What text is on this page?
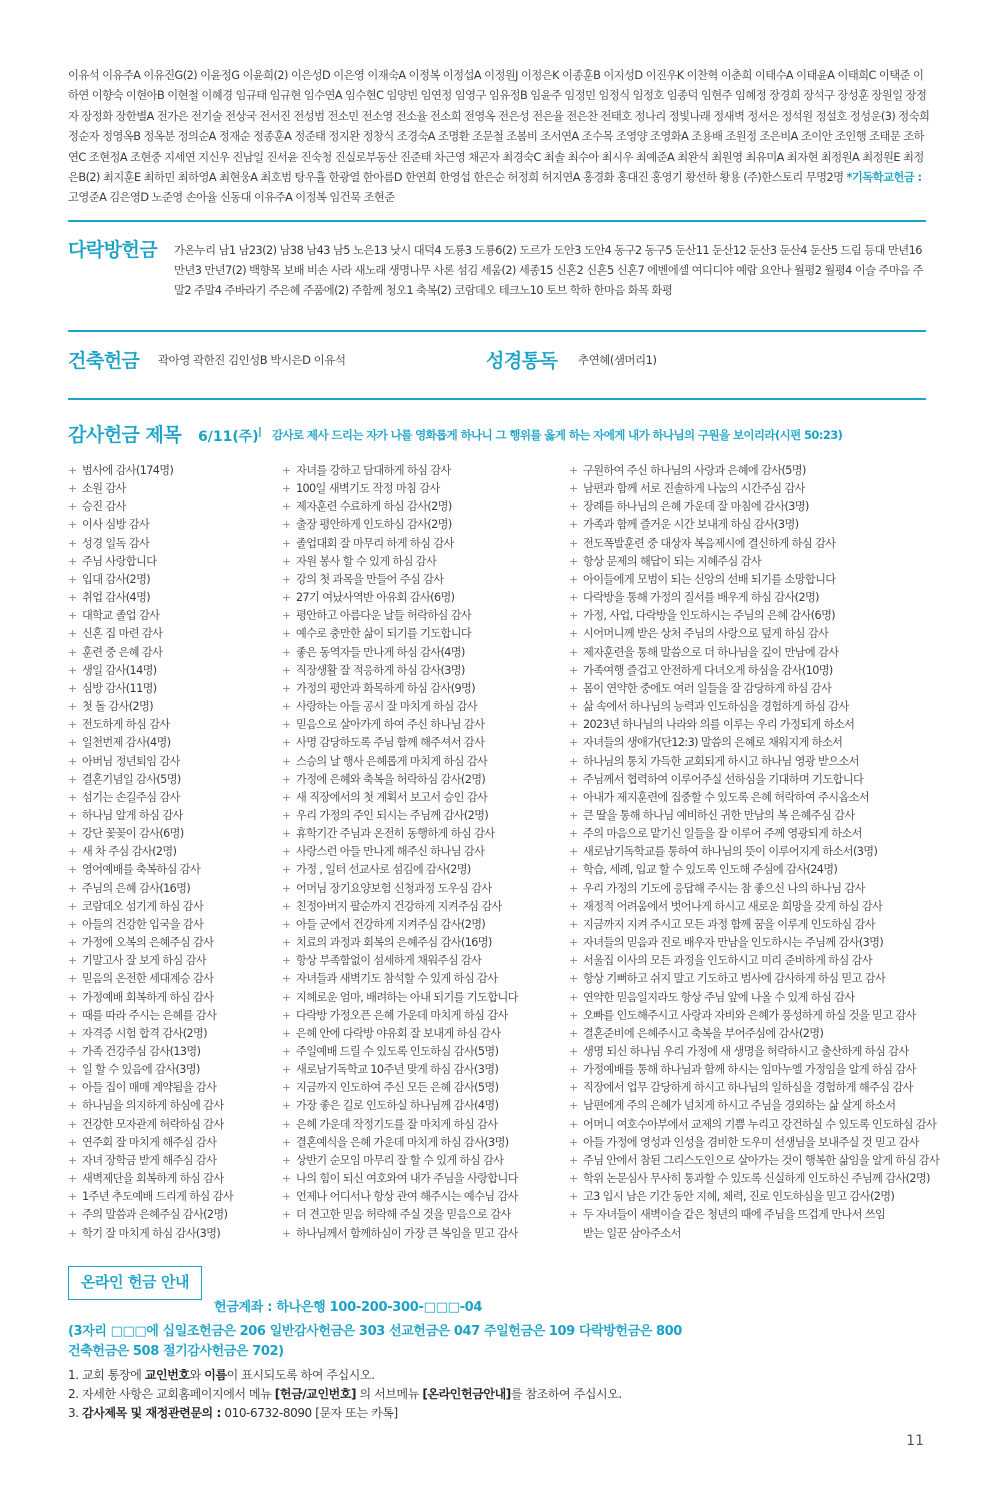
이유석 이유주A 이유진G(2) 이윤정G 이윤희(2) 이은성D 이은영 이재숙A 이정복 이정섭A 이정원J 이정은K 이종훈B 이지성D 이진우K 이찬혁 이춘희 이태수A 이태윤A 이태희C 이택준 이하연 이향숙 이현아B 이현철 이혜경 임규태 임규현 임수연A 임수현C 임양빈 임연정 임영구 임유정B 임윤주 임정민 임정식 임정호 임종덕 임현주 임혜정 장경희 장석구 장성훈 장원일 장정자 장정화 장한별A 전가은 전기술 전상국 전서진 전성범 전소민 전소영 전소율 전소희 전영옥 전은성 전은율 전은찬 전태호 정나리 정빛나래 정새벽 정서은 정석원 정설호 정성운(3) 정숙희 정순자 정영옥B 정옥분 정의순A 정재순 정종훈A 정준태 정지완 정창식 조경숙A 조명환 조문철 조봄비 조서연A 조수목 조영양 조영화A 조용배 조원정 조은비A 조이안 조인행 조태문 조하연C 조현정A 조현중 지세연 지신우 진남일 진서윤 진숙청 진실로부동산 진준태 차근영 채곤자 최경숙C 최솔 최수아 최시우 최예준A 최완식 최원영 최유미A 최자현 최정원A 최정원E 최정은B(2) 최지훈E 최하민 최하영A 최현웅A 최호범 탕우휼 한광열 한아름D 한연희 한영섭 한은순 허정희 허지연A 홍경화 홍대진 홍영기 황선하 황용 (주)한스토리 무명2명 *기독학교헌금 : 고영준A 김은영D 노준영 손아율 신동대 이유주A 이정복 임건묵 조현준
다락방헌금 가온누리 남1 남23(2) 남38 남43 남5 노은13 낫시 대덕4 도룡3 도룡6(2) 도르가 도안3 도안4 동구2 동구5 둔산11 둔산12 둔산3 둔산4 둔산5 드림 등대 만년16 만년3 만년7(2) 백향목 보배 비손 사라 새노래 생명나무 사론 섬김 세움(2) 세종15 신혼2 신혼5 신혼7 에벤에셀 여디디야 예람 요안나 월평2 월평4 이슬 주마음 주말2 주말4 주바라기 주은혜 주품에(2) 주함께 청오1 축복(2) 코람데오 테크노10 토브 학하 한마음 화목 화평
건축헌금 곽아영 곽한진 김인성B 박시은D 이유석	성경통독 추연혜(샘머리1)
감사헌금 제목 6/11(주) I 감사로 제사 드리는 자가 나를 영화롭게 하나니 그 행위를 옳게 하는 자에게 내가 하나님의 구원을 보이리라(시편 50:23)
+ 범사에 감사(174명)
+ 소원 감사
+ 승진 감사
+ 이사 심방 감사
+ 성경 일독 감사
+ 주님 사랑합니다
+ 입대 감사(2명)
+ 취업 감사(4명)
+ 대학교 졸업 감사
+ 신혼 집 마련 감사
+ 훈련 중 은혜 감사
+ 생일 감사(14명)
+ 심방 감사(11명)
+ 첫 돌 감사(2명)
+ 전도하게 하심 감사
+ 일천번제 감사(4명)
+ 아버님 정년퇴임 감사
+ 결혼기념일 감사(5명)
+ 섬기는 손길주심 감사
+ 하나님 알게 하심 감사
+ 강단 꽃꽂이 감사(6명)
+ 새 차 주심 감사(2명)
+ 영어예배를 축복하심 감사
+ 주님의 은혜 감사(16명)
+ 코람데오 섬기게 하심 감사
+ 아들의 건강한 입국을 감사
+ 가정에 오복의 은혜주심 감사
+ 기말고사 잘 보게 하심 감사
+ 믿음의 온전한 세대계승 감사
+ 가정예배 회복하게 하심 감사
+ 때를 따라 주시는 은혜를 감사
+ 자격증 시험 합격 감사(2명)
+ 가족 건강주심 감사(13명)
+ 일 할 수 있음에 감사(3명)
+ 아들 집이 매매 계약됨을 감사
+ 하나님을 의지하게 하심에 감사
+ 건강한 모자관계 허락하심 감사
+ 연주회 잘 마치게 해주심 감사
+ 자녀 장학금 받게 해주심 감사
+ 새벽제단을 회복하게 하심 감사
+ 1주년 추도예배 드리게 하심 감사
+ 주의 말씀과 은혜주심 감사(2명)
+ 학기 잘 마치게 하심 감사(3명)
+ 자녀를 강하고 담대하게 하심 감사
+ 100일 새벽기도 작정 마침 감사
+ 제자훈련 수료하게 하심 감사(2명)
+ 출장 평안하게 인도하심 감사(2명)
+ 졸업대회 잘 마무리 하게 하심 감사
+ 자원 봉사 할 수 있게 하심 감사
+ 강의 첫 과목을 만들어 주심 감사
+ 27기 여났사역반 아유회 감사(6명)
+ 평안하고 아름다운 날들 허락하심 감사
+ 예수로 충만한 삶이 되기를 기도합니다
+ 좋은 동역자들 만나게 하심 감사(4명)
+ 직장생활 잘 적응하게 하심 감사(3명)
+ 가정의 평안과 화목하게 하심 감사(9명)
+ 사랑하는 아들 공시 잘 마치게 하심 감사
+ 믿음으로 살아가게 하여 주신 하나님 감사
+ 사명 감당하도록 주님 함께 해주셔서 감사
+ 스승의 날 행사 은혜롭게 마치게 하심 감사
+ 가정에 은혜와 축복을 허락하심 감사(2명)
+ 새 직장에서의 첫 계획서 보고서 승인 감사
+ 우리 가정의 주인 되시는 주님께 감사(2명)
+ 휴학기간 주님과 온전히 동행하게 하심 감사
+ 사랑스런 아들 만나게 해주신 하나님 감사
+ 가정 , 일터 선교사로 섬김에 감사(2명)
+ 어머님 장기요양보험 신청과정 도우심 감사
+ 친정아버지 팔순까지 건강하게 지켜주심 감사
+ 아들 군에서 건강하게 지켜주심 감사(2명)
+ 치료의 과정과 회복의 은혜주심 감사(16명)
+ 항상 부족함없이 섬세하게 채워주심 감사
+ 자녀들과 새벽기도 참석할 수 있게 하심 감사
+ 지혜로운 엄마, 배려하는 아내 되기를 기도합니다
+ 다락방 가정오픈 은혜 가운데 마치게 하심 감사
+ 은혜 안에 다락방 야유회 잘 보내게 하심 감사
+ 주일예배 드릴 수 있도록 인도하심 감사(5명)
+ 새로남기독학교 10주년 맞게 하심 감사(3명)
+ 지금까지 인도하여 주신 모든 은혜 감사(5명)
+ 가장 좋은 길로 인도하실 하나님께 감사(4명)
+ 은혜 가운데 작정기도를 잘 마치게 하심 감사
+ 결혼예식을 은혜 가운데 마치게 하심 감사(3명)
+ 상반기 순모임 마무리 잘 할 수 있게 하심 감사
+ 나의 힘이 되신 여호와여 내가 주님을 사랑합니다
+ 언제나 어디서나 항상 관여 해주시는 예수님 감사
+ 더 견고한 믿음 허락해 주실 것을 믿음으로 감사
+ 하나님께서 함께하심이 가장 큰 복임을 믿고 감사
+ 구원하여 주신 하나님의 사랑과 은혜에 감사(5명)
+ 남편과 함께 서로 진솔하게 나눔의 시간주심 감사
+ 장례를 하나님의 은혜 가운데 잘 마침에 감사(3명)
+ 가족과 함께 즐거운 시간 보내게 하심 감사(3명)
+ 전도폭발훈련 중 대상자 복음제시에 결신하게 하심 감사
+ 항상 문제의 해답이 되는 지혜주심 감사
+ 아이들에게 모범이 되는 신앙의 선배 되기를 소망합니다
+ 다락방을 통해 가정의 질서를 배우게 하심 감사(2명)
+ 가정, 사업, 다락방을 인도하시는 주님의 은혜 감사(6명)
+ 시어머니께 받은 상처 주님의 사랑으로 덮게 하심 감사
+ 제자훈련을 통해 말씀으로 더 하나님을 깊이 만남에 감사
+ 가족여행 즐겁고 안전하게 다녀오게 하심을 감사(10명)
+ 몸이 연약한 중에도 여러 일들을 잘 감당하게 하심 감사
+ 삶 속에서 하나님의 능력과 인도하심을 경험하게 하심 감사
+ 2023년 하나님의 나라와 의를 이루는 우리 가정되게 하소서
+ 자녀들의 생애가(단12:3) 말씀의 은혜로 채워지게 하소서
+ 하나님의 통치 가득한 교회되게 하시고 하나님 영광 받으소서
+ 주님께서 협력하여 이루어주실 선하심을 기대하며 기도합니다
+ 아내가 제지훈련에 집중할 수 있도록 은혜 허락하여 주시옵소서
+ 큰 딸을 통해 하나님 예비하신 귀한 만남의 복 은혜주심 감사
+ 주의 마음으로 맡기신 일들을 잘 이루어 주께 영광되게 하소서
+ 새로남기독학교를 통하여 하나님의 뜻이 이루어지게 하소서(3명)
+ 학습, 세례, 입교 할 수 있도록 인도해 주심에 감사(24명)
+ 우리 가정의 기도에 응답해 주시는 참 좋으신 나의 하나님 감사
+ 재정적 어려움에서 벗어나게 하시고 새로운 희망을 갖게 하심 감사
+ 지금까지 지켜 주시고 모든 과정 함께 꿈을 이루게 인도하심 감사
+ 자녀들의 믿음과 진로 배우자 만남을 인도하시는 주님께 감사(3명)
+ 서울집 이사의 모든 과정을 인도하시고 미리 준비하게 하심 감사
+ 항상 기뻐하고 쉬지 말고 기도하고 범사에 감사하게 하심 믿고 감사
+ 연약한 믿음일지라도 항상 주님 앞에 나올 수 있게 하심 감사
+ 오빠를 인도해주시고 사랑과 자비와 은혜가 풍성하게 하실 것을 믿고 감사
+ 결혼준비에 은혜주시고 축복을 부어주심에 감사(2명)
+ 생명 되신 하나님 우리 가정에 새 생명을 허락하시고 출산하게 하심 감사
+ 가정예배를 통해 하나님과 함께 하시는 임마누엘 가정임을 알게 하심 감사
+ 직장에서 업무 감당하게 하시고 하나님의 일하심을 경험하게 해주심 감사
+ 남편에게 주의 은혜가 넘치게 하시고 주님을 경외하는 삶 살게 하소서
+ 어머니 여호수아부에서 교제의 기쁨 누리고 강건하실 수 있도록 인도하심 감사
+ 아들 가정에 영성과 인성을 겸비한 도우미 선생님을 보내주실 것 믿고 감사
+ 주님 안에서 참된 그리스도인으로 살아가는 것이 행복한 삶임을 알게 하심 감사
+ 학위 논문심사 무사히 통과할 수 있도록 신실하게 인도하신 주님께 감사(2명)
+ 고3 입시 남은 기간 동안 지혜, 체력, 진로 인도하심을 믿고 감사(2명)
+ 두 자녀들이 새벽이슬 같은 청년의 때에 주님을 뜨겁게 만나서 쓰임
받는 일꾼 삼아주소서
온라인 헌금 안내
헌금계좌 : 하나은행 100-200-300-□□□-04
(3자리 □□□에 십일조헌금은 206 일반감사헌금은 303 선교헌금은 047 주일헌금은 109 다락방헌금은 800
건축헌금은 508 절기감사헌금은 702)
1. 교회 통장에 교인번호와 이름이 표시되도록 하여 주십시오.
2. 자세한 사항은 교회홈페이지에서 메뉴 [헌금/교인번호] 의 서브메뉴 [온라인헌금안내]를 참조하여 주십시오.
3. 감사제목 및 재정관련문의 : 010-6732-8090 [문자 또는 카톡]
11
